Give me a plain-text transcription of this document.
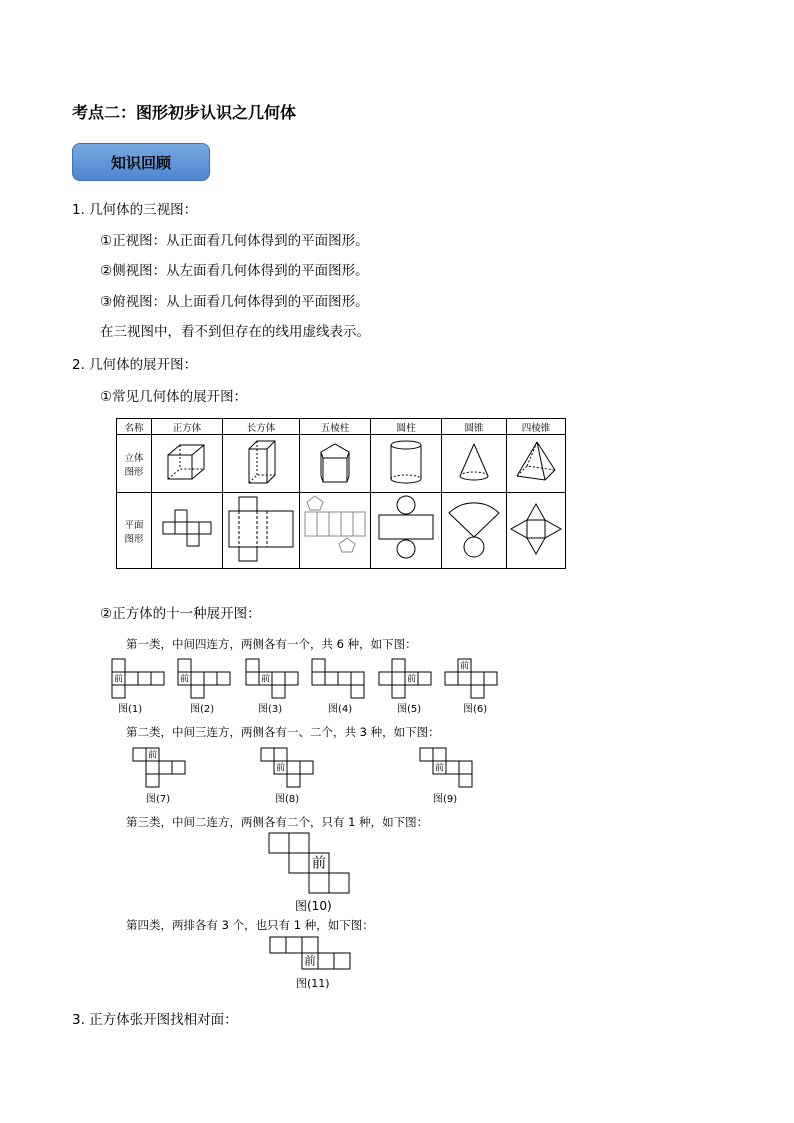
考点二：图形初步认识之几何体
知识回顾
1. 几何体的三视图：
①正视图：从正面看几何体得到的平面图形。
②侧视图：从左面看几何体得到的平面图形。
③俯视图：从上面看几何体得到的平面图形。
在三视图中，看不到但存在的线用虚线表示。
2. 几何体的展开图：
①常见几何体的展开图：
名称	正方体	长方体	五棱柱	圆柱	圆锥	四棱锥
立体
图形						
平面
图形						
②正方体的十一种展开图：
第一类，中间四连方，两侧各有一个，共 6 种，如下图：
第二类，中间三连方，两侧各有一、二个，共 3 种，如下图：
第三类，中间二连方，两侧各有二个，只有 1 种，如下图：
第四类，两排各有 3 个，也只有 1 种，如下图：
3. 正方体张开图找相对面：
前
图(1)
前
图(2)
前
图(3)	图(4)
前
图(5)
前
图(6)
前
图(7)
前
图(8)
前
图(9)
前
图(10)
前
图(11)
